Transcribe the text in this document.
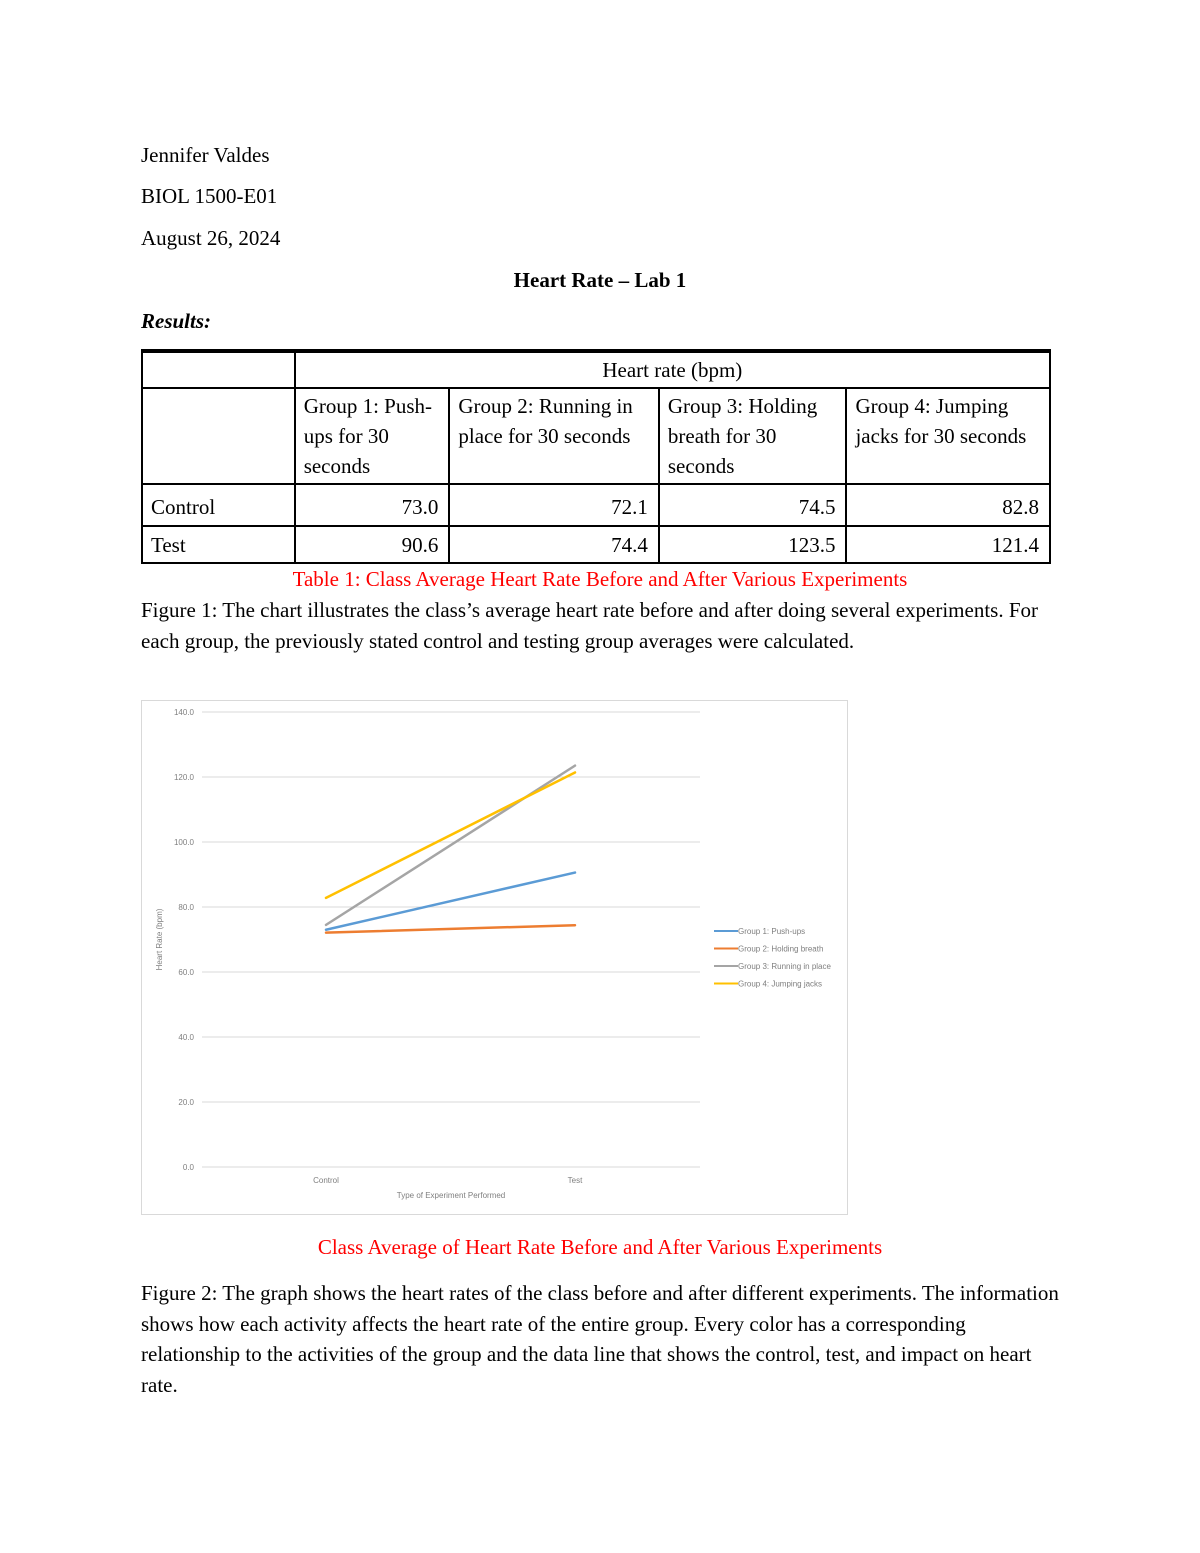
Jennifer Valdes
BIOL 1500-E01
August 26, 2024
Heart Rate – Lab 1
Results:
	Heart rate (bpm)			
	Group 1: Push-ups for 30 seconds	Group 2: Running in place for 30 seconds	Group 3: Holding breath for 30 seconds	Group 4: Jumping jacks for 30 seconds
Control	73.0	72.1	74.5	82.8
Test	90.6	74.4	123.5	121.4
Table 1: Class Average Heart Rate Before and After Various Experiments
Figure 1: The chart illustrates the class’s average heart rate before and after doing several experiments. For each group, the previously stated control and testing group averages were calculated.
0.0
20.0
40.0
60.0
80.0
100.0
120.0
140.0
Control	Test
Type of Experiment Performed
Heart Rate (bpm)	Group 1: Push-ups
Group 2: Holding breath
Group 3: Running in place
Group 4: Jumping jacks
Class Average of Heart Rate Before and After Various Experiments
Figure 2: The graph shows the heart rates of the class before and after different experiments. The information shows how each activity affects the heart rate of the entire group. Every color has a corresponding relationship to the activities of the group and the data line that shows the control, test, and impact on heart rate.
